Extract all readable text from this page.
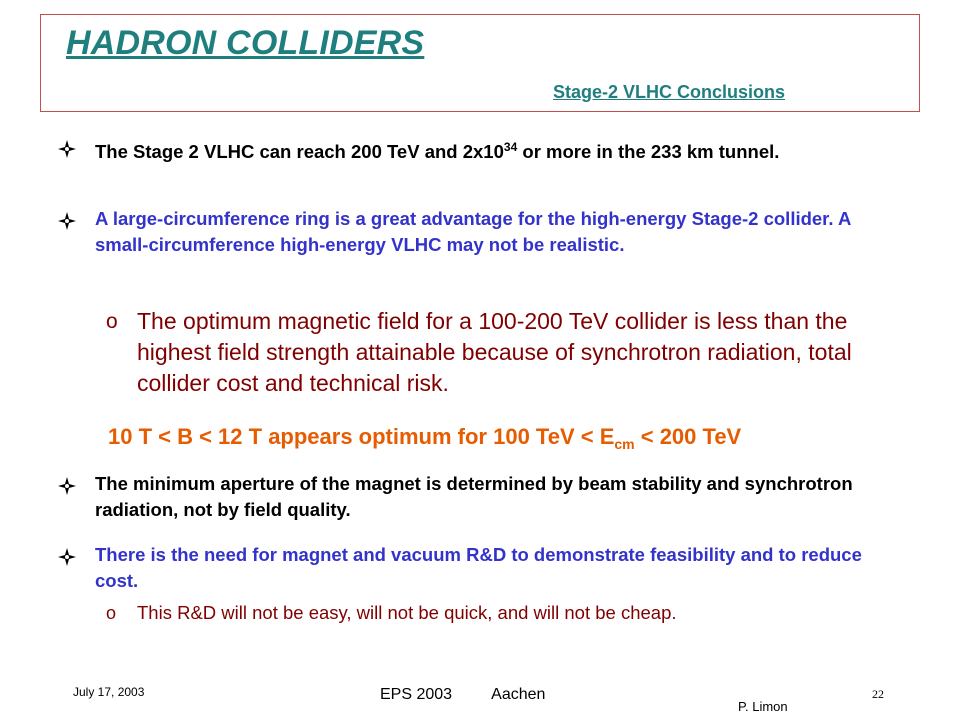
HADRON COLLIDERS
Stage-2 VLHC Conclusions
The Stage 2 VLHC can reach 200 TeV and $2x10^{34}$ or more in the 233 km tunnel.
A large-circumference ring is a great advantage for the high-energy Stage-2 collider. A small-circumference high-energy VLHC may not be realistic.
o The optimum magnetic field for a 100-200 TeV collider is less than the highest field strength attainable because of synchrotron radiation, total collider cost and technical risk.
10 T < B < 12 T appears optimum for 100 TeV < $E_{cm} < 200$ TeV
The minimum aperture of the magnet is determined by beam stability and synchrotron radiation, not by field quality.
There is the need for magnet and vacuum R&D to demonstrate feasibility and to reduce cost.
o This R&D will not be easy, will not be quick, and will not be cheap.
July 17, 2003	EPS 2003         Aachen	22
P. Limon
